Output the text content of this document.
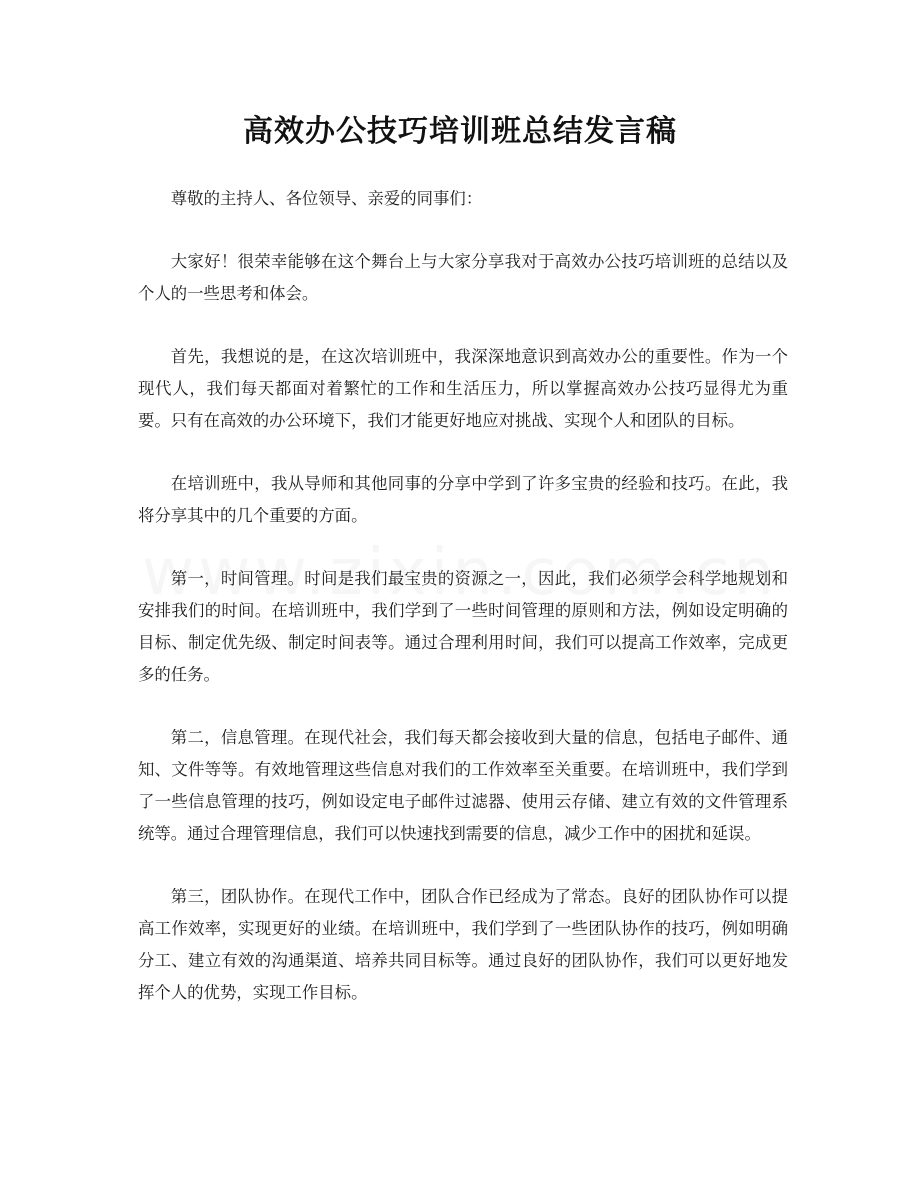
高效办公技巧培训班总结发言稿

尊敬的主持人、各位领导、亲爱的同事们：

大家好！很荣幸能够在这个舞台上与大家分享我对于高效办公技巧培训班的总结以及个人的一些思考和体会。

首先，我想说的是，在这次培训班中，我深深地意识到高效办公的重要性。作为一个现代人，我们每天都面对着繁忙的工作和生活压力，所以掌握高效办公技巧显得尤为重要。只有在高效的办公环境下，我们才能更好地应对挑战、实现个人和团队的目标。

在培训班中，我从导师和其他同事的分享中学到了许多宝贵的经验和技巧。在此，我将分享其中的几个重要的方面。

第一，时间管理。时间是我们最宝贵的资源之一，因此，我们必须学会科学地规划和安排我们的时间。在培训班中，我们学到了一些时间管理的原则和方法，例如设定明确的目标、制定优先级、制定时间表等。通过合理利用时间，我们可以提高工作效率，完成更多的任务。

第二，信息管理。在现代社会，我们每天都会接收到大量的信息，包括电子邮件、通知、文件等等。有效地管理这些信息对我们的工作效率至关重要。在培训班中，我们学到了一些信息管理的技巧，例如设定电子邮件过滤器、使用云存储、建立有效的文件管理系统等。通过合理管理信息，我们可以快速找到需要的信息，减少工作中的困扰和延误。

第三，团队协作。在现代工作中，团队合作已经成为了常态。良好的团队协作可以提高工作效率，实现更好的业绩。在培训班中，我们学到了一些团队协作的技巧，例如明确分工、建立有效的沟通渠道、培养共同目标等。通过良好的团队协作，我们可以更好地发挥个人的优势，实现工作目标。
